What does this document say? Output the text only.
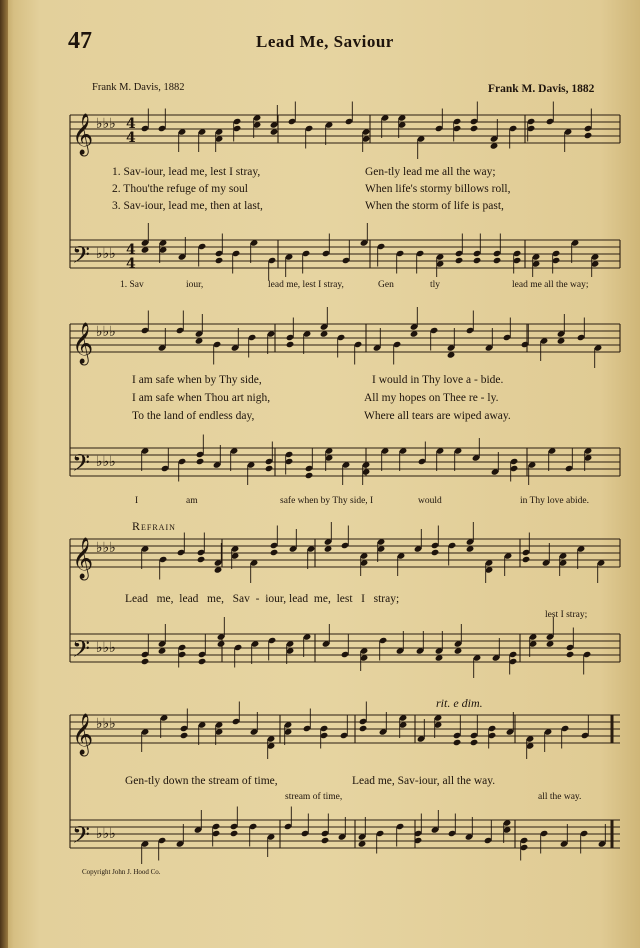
47	Lead Me, Saviour
Frank M. Davis, 1882	Frank M. Davis, 1882
𝄞
𝄢
𝄞
𝄢
𝄞
𝄢
𝄞
𝄢
♭♭♭
♭♭♭
♭♭♭
♭♭♭
♭♭♭
♭♭♭
♭♭♭
♭♭♭
4
4
4
4
1. Sav-iour, lead me, lest I stray,
2. Thou'the refuge of my soul
3. Sav-iour, lead me, then at last,
Gen-tly lead me all the way;
When life's stormy billows roll,
When the storm of life is past,
1. Sav	iour,	lead me, lest I stray,	Gen	tly	lead me all the way;
I am safe when by Thy side,
I am safe when Thou art nigh,
To the land of endless day,
I would in Thy love a - bide.
All my hopes on Thee re - ly.
Where all tears are wiped away.
I	am	safe when by Thy side, I	would	in Thy love abide.
Refrain
Lead   me,  lead   me,   Sav  -  iour, lead  me,  lest   I   stray;
lest I stray;
rit. e dim.
Gen-tly down the stream of time,	Lead me, Sav-iour, all the way.
stream of time,	all the way.
Copyright John J. Hood Co.
